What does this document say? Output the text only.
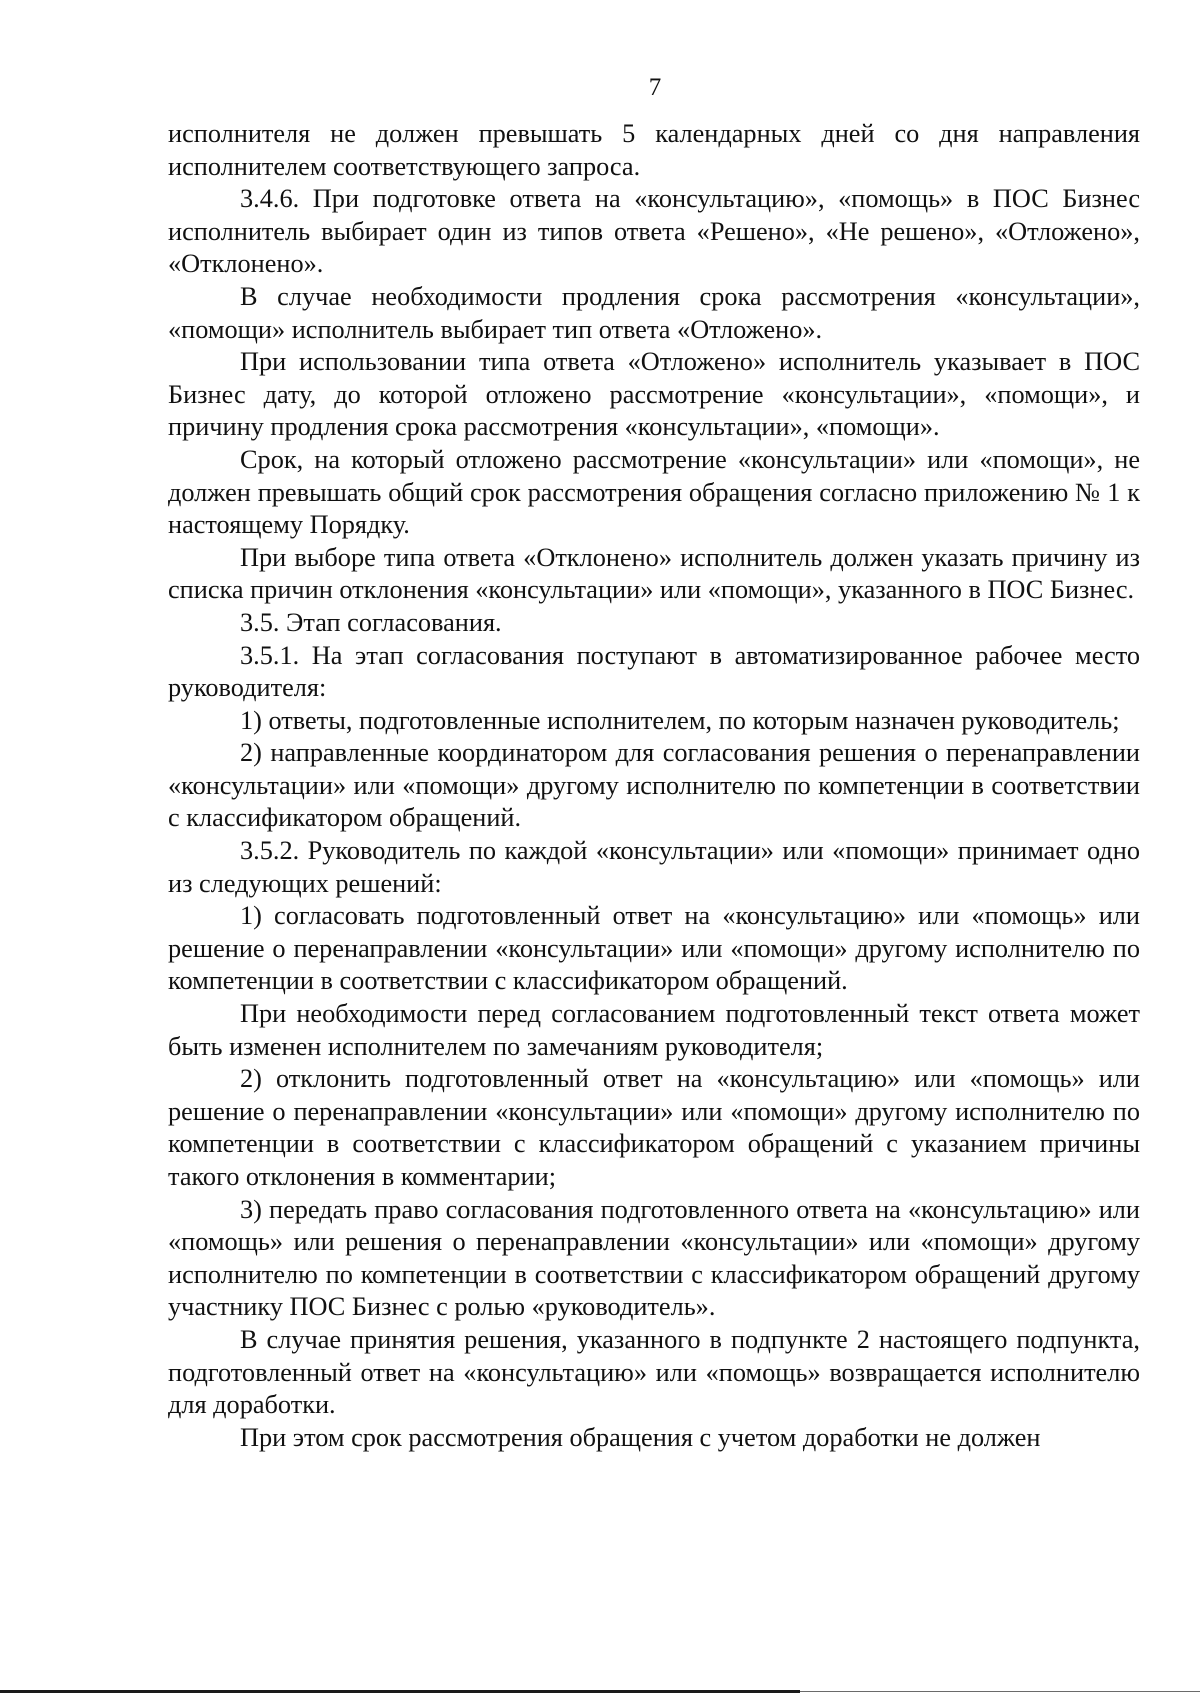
7

исполнителя не должен превышать 5 календарных дней со дня направления исполнителем соответствующего запроса.

3.4.6. При подготовке ответа на «консультацию», «помощь» в ПОС Бизнес исполнитель выбирает один из типов ответа «Решено», «Не решено», «Отложено», «Отклонено».

В случае необходимости продления срока рассмотрения «консультации», «помощи» исполнитель выбирает тип ответа «Отложено».

При использовании типа ответа «Отложено» исполнитель указывает в ПОС Бизнес дату, до которой отложено рассмотрение «консультации», «помощи», и причину продления срока рассмотрения «консультации», «помощи».

Срок, на который отложено рассмотрение «консультации» или «помощи», не должен превышать общий срок рассмотрения обращения согласно приложению № 1 к настоящему Порядку.

При выборе типа ответа «Отклонено» исполнитель должен указать причину из списка причин отклонения «консультации» или «помощи», указанного в ПОС Бизнес.

3.5. Этап согласования.

3.5.1. На этап согласования поступают в автоматизированное рабочее место руководителя:

1) ответы, подготовленные исполнителем, по которым назначен руководитель;

2) направленные координатором для согласования решения о перенаправлении «консультации» или «помощи» другому исполнителю по компетенции в соответствии с классификатором обращений.

3.5.2. Руководитель по каждой «консультации» или «помощи» принимает одно из следующих решений:

1) согласовать подготовленный ответ на «консультацию» или «помощь» или решение о перенаправлении «консультации» или «помощи» другому исполнителю по компетенции в соответствии с классификатором обращений.

При необходимости перед согласованием подготовленный текст ответа может быть изменен исполнителем по замечаниям руководителя;

2) отклонить подготовленный ответ на «консультацию» или «помощь» или решение о перенаправлении «консультации» или «помощи» другому исполнителю по компетенции в соответствии с классификатором обращений с указанием причины такого отклонения в комментарии;

3) передать право согласования подготовленного ответа на «консультацию» или «помощь» или решения о перенаправлении «консультации» или «помощи» другому исполнителю по компетенции в соответствии с классификатором обращений другому участнику ПОС Бизнес с ролью «руководитель».

В случае принятия решения, указанного в подпункте 2 настоящего подпункта, подготовленный ответ на «консультацию» или «помощь» возвращается исполнителю для доработки.

При этом срок рассмотрения обращения с учетом доработки не должен
